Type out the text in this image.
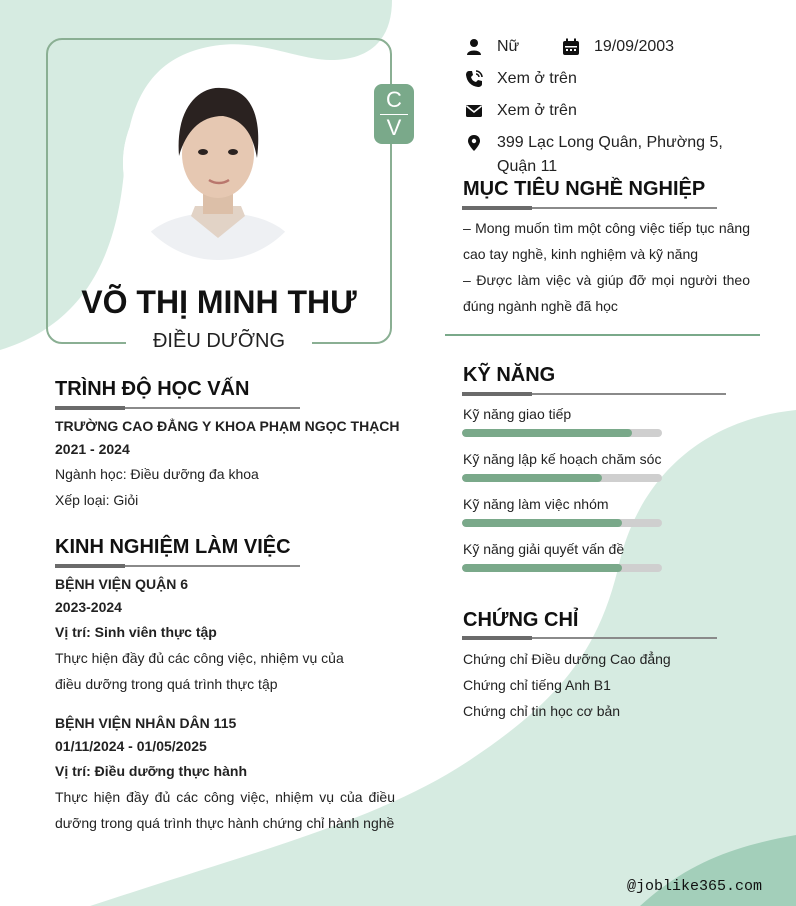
C
V
VÕ THỊ MINH THƯ
ĐIỀU DƯỠNG
Nữ	19/09/2003
Xem ở trên
Xem ở trên
399 Lạc Long Quân, Phường 5,
Quận 11
MỤC TIÊU NGHỀ NGHIỆP
– Mong muốn tìm một công việc tiếp tục nâng cao tay nghề, kinh nghiệm và kỹ năng
– Được làm việc và giúp đỡ mọi người theo đúng ngành nghề đã học
TRÌNH ĐỘ HỌC VẤN
TRƯỜNG CAO ĐẲNG Y KHOA PHẠM NGỌC THẠCH
2021 - 2024
Ngành học: Điều dưỡng đa khoa
Xếp loại: Giỏi
KINH NGHIỆM LÀM VIỆC
BỆNH VIỆN QUẬN 6
2023-2024
Vị trí: Sinh viên thực tập
Thực hiện đầy đủ các công việc, nhiệm vụ của điều dưỡng trong quá trình thực tập
BỆNH VIỆN NHÂN DÂN 115
01/11/2024 - 01/05/2025
Vị trí: Điều dưỡng thực hành
Thực hiện đầy đủ các công việc, nhiệm vụ của điều dưỡng trong quá trình thực hành chứng chỉ hành nghề
KỸ NĂNG
Kỹ năng giao tiếp
Kỹ năng lập kế hoạch chăm sóc
Kỹ năng làm việc nhóm
Kỹ năng giải quyết vấn đề
CHỨNG CHỈ
Chứng chỉ Điều dưỡng Cao đẳng
Chứng chỉ tiếng Anh B1
Chứng chỉ tin học cơ bản
@joblike365.com
